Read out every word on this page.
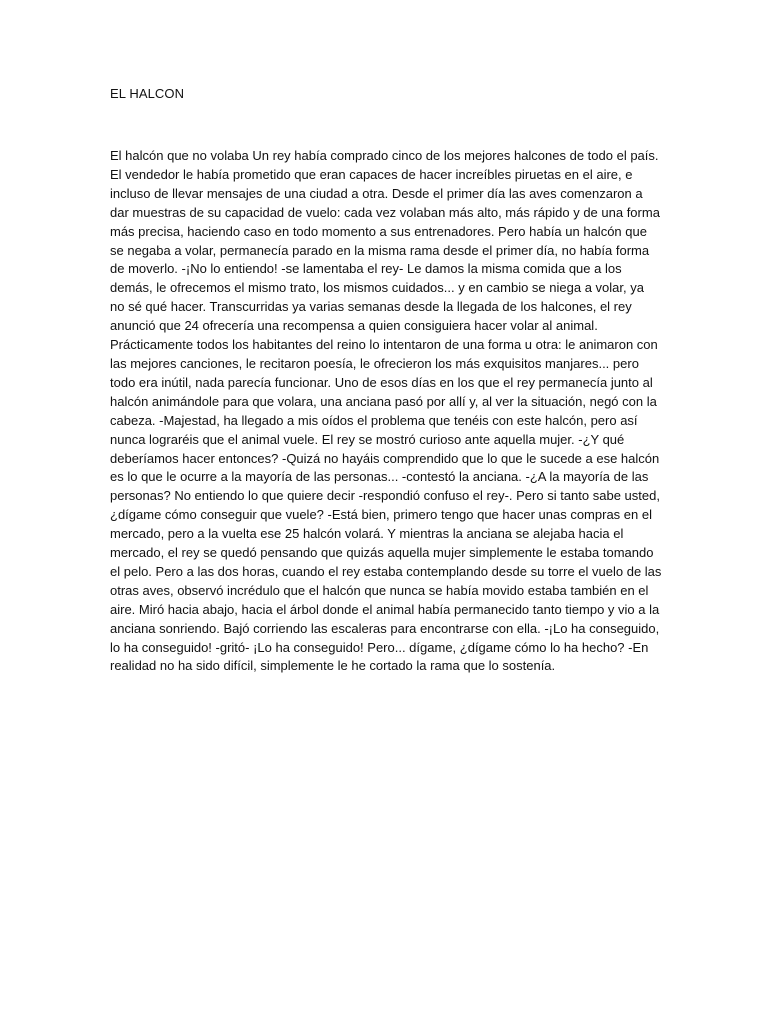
EL HALCON

El halcón que no volaba Un rey había comprado cinco de los mejores halcones de todo el país. El vendedor le había prometido que eran capaces de hacer increíbles piruetas en el aire, e incluso de llevar mensajes de una ciudad a otra. Desde el primer día las aves comenzaron a dar muestras de su capacidad de vuelo: cada vez volaban más alto, más rápido y de una forma más precisa, haciendo caso en todo momento a sus entrenadores. Pero había un halcón que se negaba a volar, permanecía parado en la misma rama desde el primer día, no había forma de moverlo. -¡No lo entiendo! -se lamentaba el rey- Le damos la misma comida que a los demás, le ofrecemos el mismo trato, los mismos cuidados... y en cambio se niega a volar, ya no sé qué hacer. Transcurridas ya varias semanas desde la llegada de los halcones, el rey anunció que 24 ofrecería una recompensa a quien consiguiera hacer volar al animal. Prácticamente todos los habitantes del reino lo intentaron de una forma u otra: le animaron con las mejores canciones, le recitaron poesía, le ofrecieron los más exquisitos manjares... pero todo era inútil, nada parecía funcionar. Uno de esos días en los que el rey permanecía junto al halcón animándole para que volara, una anciana pasó por allí y, al ver la situación, negó con la cabeza. -Majestad, ha llegado a mis oídos el problema que tenéis con este halcón, pero así nunca lograréis que el animal vuele. El rey se mostró curioso ante aquella mujer. -¿Y qué deberíamos hacer entonces? -Quizá no hayáis comprendido que lo que le sucede a ese halcón es lo que le ocurre a la mayoría de las personas... -contestó la anciana. -¿A la mayoría de las personas? No entiendo lo que quiere decir -respondió confuso el rey-. Pero si tanto sabe usted, ¿dígame cómo conseguir que vuele? -Está bien, primero tengo que hacer unas compras en el mercado, pero a la vuelta ese 25 halcón volará. Y mientras la anciana se alejaba hacia el mercado, el rey se quedó pensando que quizás aquella mujer simplemente le estaba tomando el pelo. Pero a las dos horas, cuando el rey estaba contemplando desde su torre el vuelo de las otras aves, observó incrédulo que el halcón que nunca se había movido estaba también en el aire. Miró hacia abajo, hacia el árbol donde el animal había permanecido tanto tiempo y vio a la anciana sonriendo. Bajó corriendo las escaleras para encontrarse con ella. -¡Lo ha conseguido, lo ha conseguido! -gritó- ¡Lo ha conseguido! Pero... dígame, ¿dígame cómo lo ha hecho? -En realidad no ha sido difícil, simplemente le he cortado la rama que lo sostenía.
